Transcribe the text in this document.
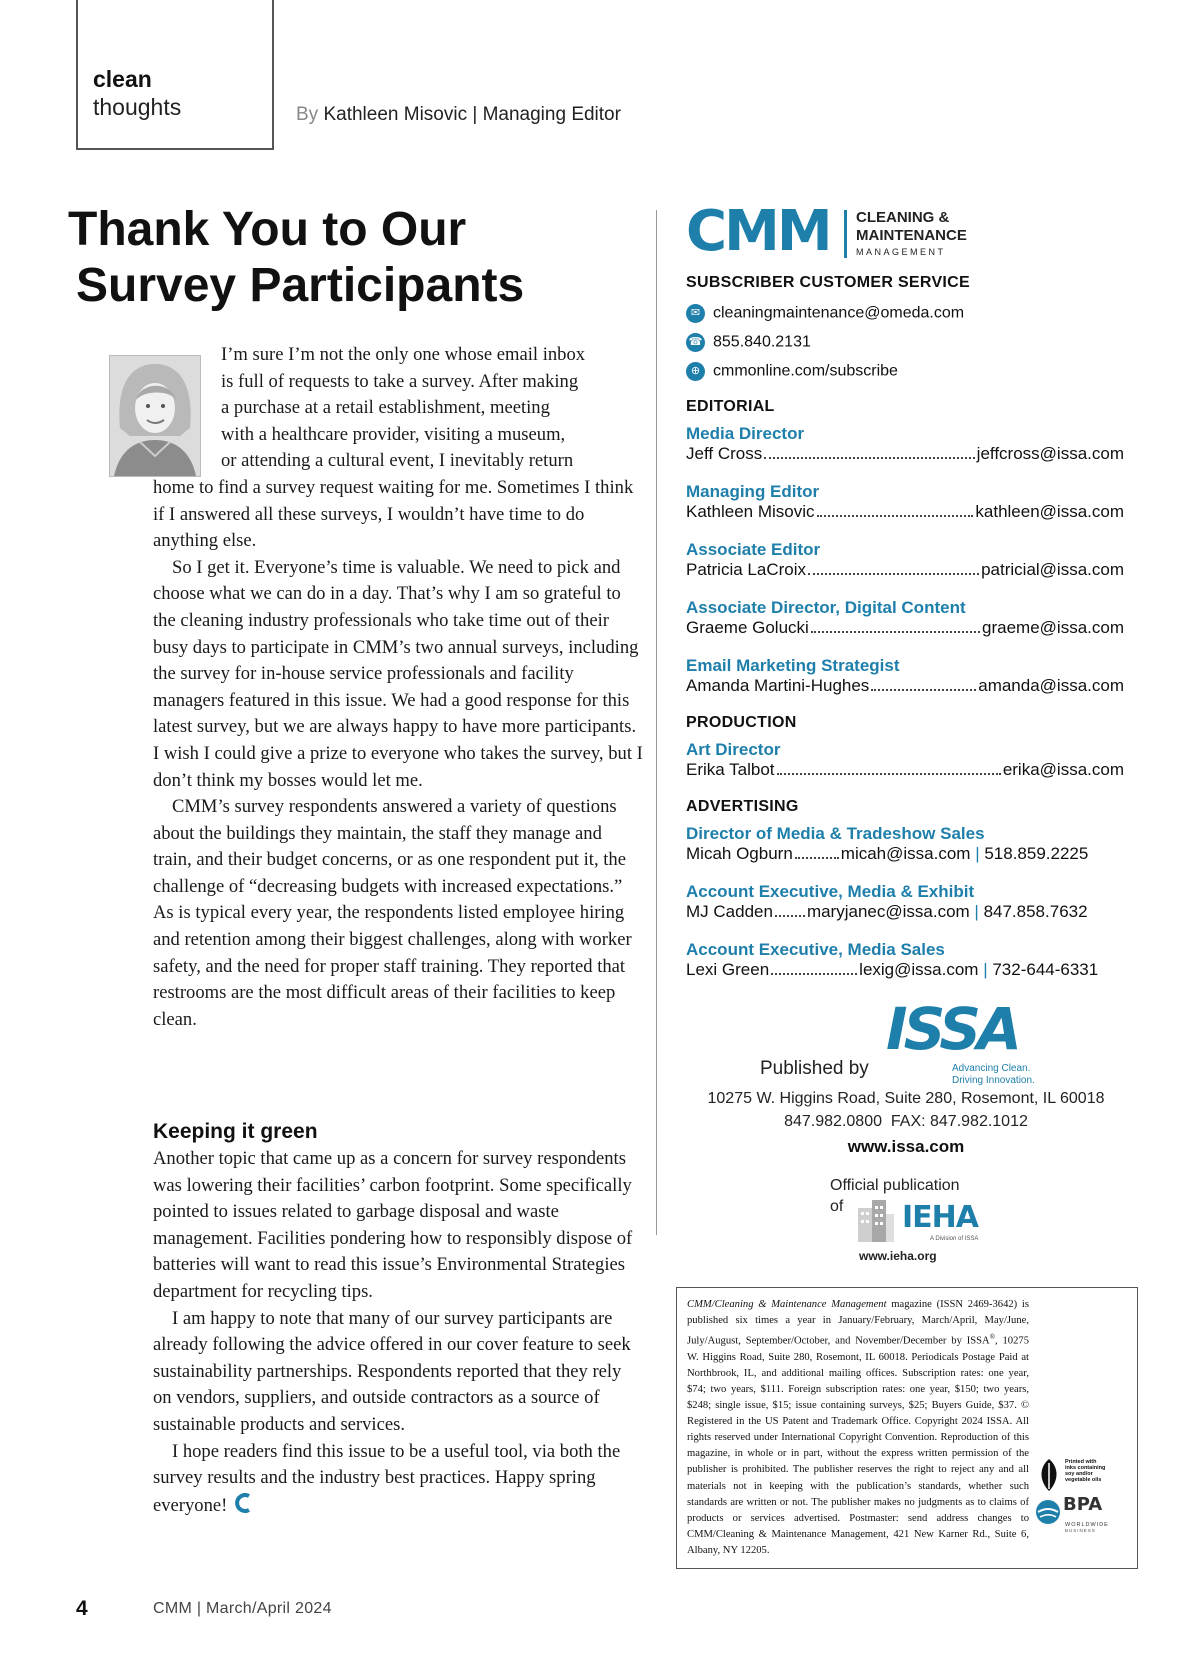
clean
thoughts	By Kathleen Misovic | Managing Editor
Thank You to Our
Survey Participants
I’m sure I’m not the only one whose email inbox
is full of requests to take a survey. After making
a purchase at a retail establishment, meeting
with a healthcare provider, visiting a museum,
or attending a cultural event, I inevitably return

home to find a survey request waiting for me. Sometimes I think if I answered all these surveys, I wouldn’t have time to do anything else.

So I get it. Everyone’s time is valuable. We need to pick and choose what we can do in a day. That’s why I am so grateful to the cleaning industry professionals who take time out of their busy days to participate in CMM’s two annual surveys, including the survey for in-house service professionals and facility managers featured in this issue. We had a good response for this latest survey, but we are always happy to have more participants. I wish I could give a prize to everyone who takes the survey, but I don’t think my bosses would let me.

CMM’s survey respondents answered a variety of questions about the buildings they maintain, the staff they manage and train, and their budget concerns, or as one respondent put it, the challenge of “decreasing budgets with increased expectations.” As is typical every year, the respondents listed employee hiring and retention among their biggest challenges, along with worker safety, and the need for proper staff training. They reported that restrooms are the most difficult areas of their facilities to keep clean.

Keeping it green

Another topic that came up as a concern for survey respondents was lowering their facilities’ carbon footprint. Some specifically pointed to issues related to garbage disposal and waste management. Facilities pondering how to responsibly dispose of batteries will want to read this issue’s Environmental Strategies department for recycling tips.

I am happy to note that many of our survey participants are already following the advice offered in our cover feature to seek sustainability partnerships. Respondents reported that they rely on vendors, suppliers, and outside contractors as a source of sustainable products and services.

I hope readers find this issue to be a useful tool, via both the survey results and the industry best practices. Happy spring everyone!

CMM CLEANING &
MAINTENANCE
MANAGEMENT
SUBSCRIBER CUSTOMER SERVICE
✉ cleaningmaintenance@omeda.com
☎ 855.840.2131
⊕ cmmonline.com/subscribe
EDITORIAL
Media Director
Jeff Cross	jeffcross@issa.com
Managing Editor
Kathleen Misovic	kathleen@issa.com
Associate Editor
Patricia LaCroix	patricial@issa.com
Associate Director, Digital Content
Graeme Golucki	graeme@issa.com
Email Marketing Strategist
Amanda Martini-Hughes	amanda@issa.com
PRODUCTION
Art Director
Erika Talbot	erika@issa.com
ADVERTISING
Director of Media & Tradeshow Sales
Micah Ogburn	micah@issa.com | 518.859.2225
Account Executive, Media & Exhibit
MJ Cadden maryjanec@issa.com | 847.858.7632
Account Executive, Media Sales
Lexi Green	lexig@issa.com | 732-644-6331
Published by
ISSA
Advancing Clean.
Driving Innovation.
10275 W. Higgins Road, Suite 280, Rosemont, IL 60018
847.982.0800  FAX: 847.982.1012
www.issa.com
Official publication
of IEHA
A Division of ISSA
www.ieha.org
Printed with
inks containing
soy and/or
vegetable oils
BPA
WORLDWIDE
BUSINESS
CMM/Cleaning & Maintenance Management magazine (ISSN 2469-3642) is published six times a year in January/February, March/April, May/June, July/August, September/October, and November/December by ISSA®, 10275 W. Higgins Road, Suite 280, Rosemont, IL 60018. Periodicals Postage Paid at Northbrook, IL, and additional mailing offices. Subscription rates: one year, $74; two years, $111. Foreign subscription rates: one year, $150; two years, $248; single issue, $15; issue containing surveys, $25; Buyers Guide, $37. © Registered in the US Patent and Trademark Office. Copyright 2024 ISSA. All rights reserved under International Copyright Convention. Reproduction of this magazine, in whole or in part, without the express written permission of the publisher is prohibited. The publisher reserves the right to reject any and all materials not in keeping with the publication’s standards, whether such standards are written or not. The publisher makes no judgments as to claims of products or services advertised. Postmaster: send address changes to CMM/Cleaning & Maintenance Management, 421 New Karner Rd., Suite 6, Albany, NY 12205.
4	CMM | March/April 2024
